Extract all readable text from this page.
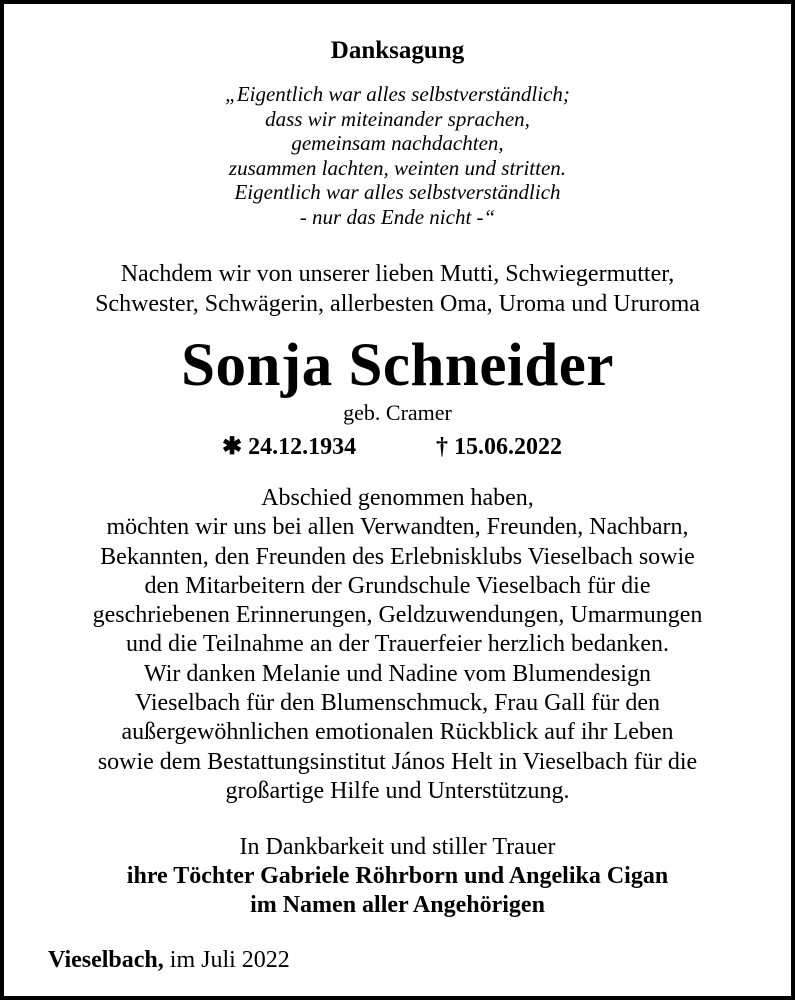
Danksagung
„Eigentlich war alles selbstverständlich;
dass wir miteinander sprachen,
gemeinsam nachdachten,
zusammen lachten, weinten und stritten.
Eigentlich war alles selbstverständlich
- nur das Ende nicht -“
Nachdem wir von unserer lieben Mutti, Schwiegermutter,
Schwester, Schwägerin, allerbesten Oma, Uroma und Ururoma
Sonja Schneider
geb. Cramer
✱ 24.12.1934	† 15.06.2022
Abschied genommen haben,
möchten wir uns bei allen Verwandten, Freunden, Nachbarn,
Bekannten, den Freunden des Erlebnisklubs Vieselbach sowie
den Mitarbeitern der Grundschule Vieselbach für die
geschriebenen Erinnerungen, Geldzuwendungen, Umarmungen
und die Teilnahme an der Trauerfeier herzlich bedanken.
Wir danken Melanie und Nadine vom Blumendesign
Vieselbach für den Blumenschmuck, Frau Gall für den
außergewöhnlichen emotionalen Rückblick auf ihr Leben
sowie dem Bestattungsinstitut János Helt in Vieselbach für die
großartige Hilfe und Unterstützung.
In Dankbarkeit und stiller Trauer
ihre Töchter Gabriele Röhrborn und Angelika Cigan
im Namen aller Angehörigen
Vieselbach, im Juli 2022
